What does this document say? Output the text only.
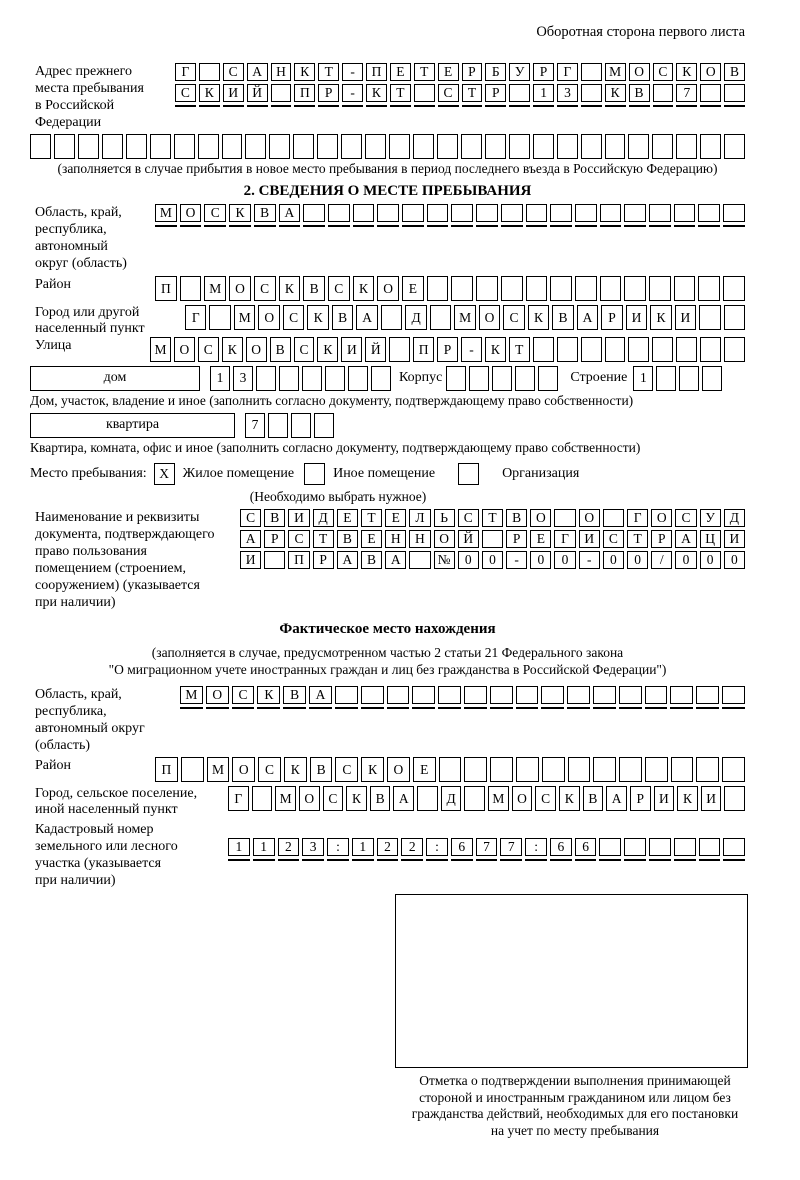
Оборотная сторона первого листа
Адрес прежнего
места пребывания
в Российской
Федерации
Г	С	А	Н	К	Т	-	П	Е	Т	Е	Р	Б	У	Р	Г	М О	С	К	О	В
С	К	И	Й	П	Р	-	К	Т	С	Т	Р	1	3	К	В	7
(заполняется в случае прибытия в новое место пребывания в период последнего въезда в Российскую Федерацию)
2. СВЕДЕНИЯ О МЕСТЕ ПРЕБЫВАНИЯ
Область, край,
республика,
автономный
округ (область)
М	О	С	К	В	А
Район	П	М	О	С	К	В	С	К	О	Е
Город или другой
населенный пункт
Г	М	О	С	К	В	А	Д	М	О	С	К	В	А	Р	И	К	И
Улица	М О	С	К	О	В	С	К	И	Й	П	Р	-	К	Т
дом	1	3	Корпус	Строение 1
Дом, участок, владение и иное (заполнить согласно документу, подтверждающему право собственности)
квартира	7
Квартира, комната, офис и иное (заполнить согласно документу, подтверждающему право собственности)
Место пребывания: X Жилое помещение	Иное помещение	Организация
(Необходимо выбрать нужное)
Наименование и реквизиты
документа, подтверждающего
право пользования
помещением (строением,
сооружением) (указывается
при наличии)
С	В	И	Д	Е	Т	Е	Л	Ь	С	Т	В	О	О	Г	О	С	У	Д
А	Р	С	Т	В	Е	Н	Н	О	Й	Р	Е	Г	И	С	Т	Р	А	Ц	И
И	П	Р	А	В	А	№	0	0	-	0	0	-	0	0	/	0	0	0
Фактическое место нахождения
(заполняется в случае, предусмотренном частью 2 статьи 21 Федерального закона
"О миграционном учете иностранных граждан и лиц без гражданства в Российской Федерации")
Область, край,
республика,
автономный округ
(область)
М	О	С	К	В	А
Район	П	М	О	С	К	В	С	К	О	Е
Город, сельское поселение,
иной населенный пункт
Г	М О	С	К	В	А	Д	М О	С	К	В	А	Р	И	К	И
Кадастровый номер
земельного или лесного
участка (указывается
при наличии)
1	1	2	3	:	1	2	2	:	6	7	7	:	6	6
Отметка о подтверждении выполнения принимающей
стороной и иностранным гражданином или лицом без
гражданства действий, необходимых для его постановки
на учет по месту пребывания
